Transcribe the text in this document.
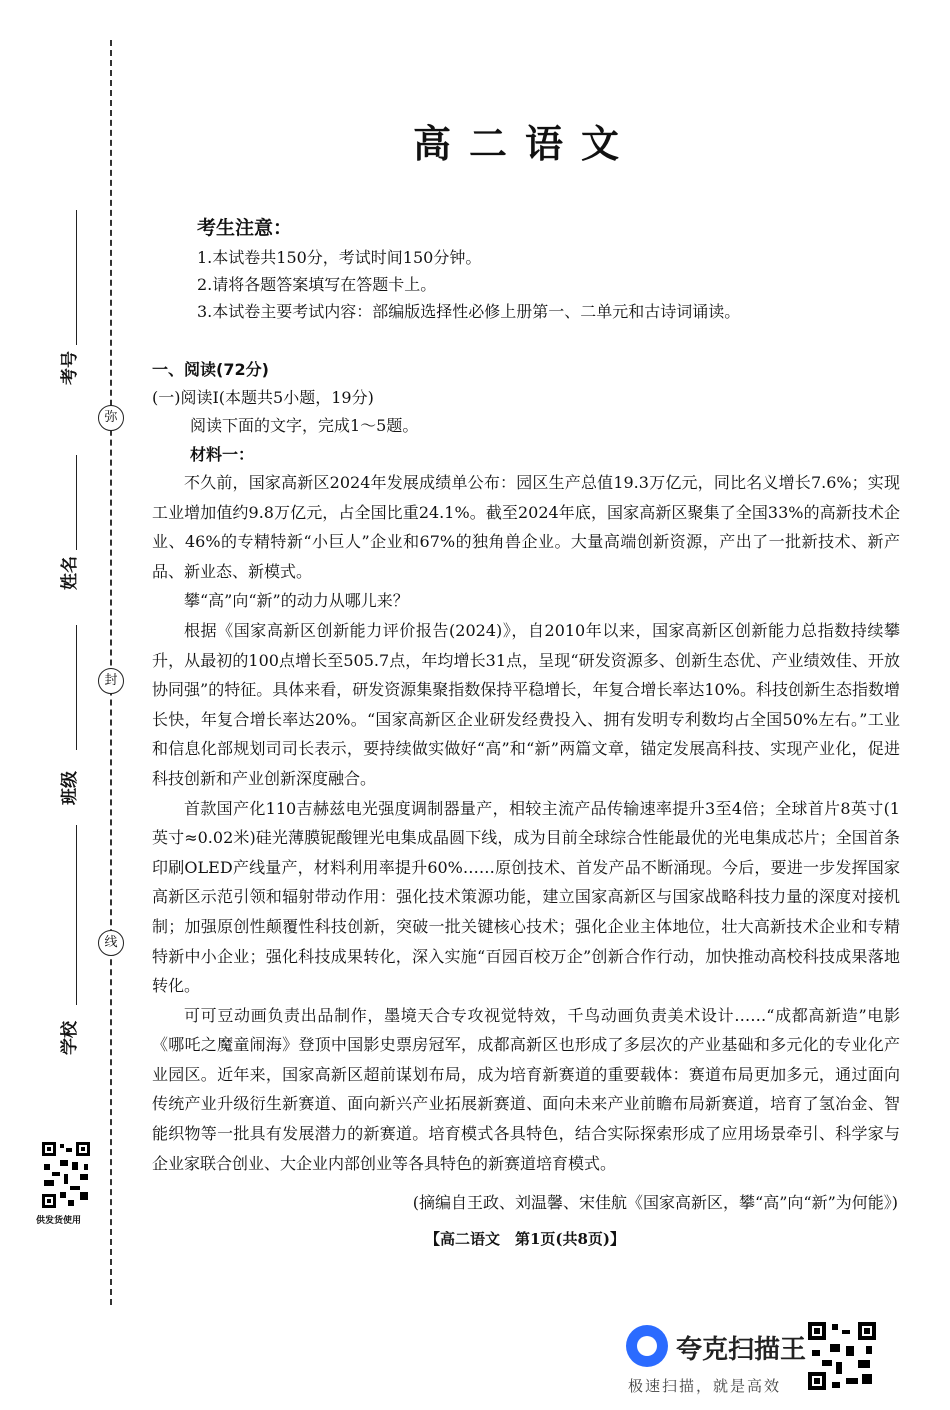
弥
封
线
考号
姓名
班级
学校
供发货使用
高二语文
考生注意：
1.本试卷共150分，考试时间150分钟。
2.请将各题答案填写在答题卡上。
3.本试卷主要考试内容：部编版选择性必修上册第一、二单元和古诗词诵读。
一、阅读(72分)
(一)阅读Ⅰ(本题共5小题，19分)
阅读下面的文字，完成1～5题。
材料一：

不久前，国家高新区2024年发展成绩单公布：园区生产总值19.3万亿元，同比名义增长7.6%；实现工业增加值约9.8万亿元，占全国比重24.1%。截至2024年底，国家高新区聚集了全国33%的高新技术企业、46%的专精特新“小巨人”企业和67%的独角兽企业。大量高端创新资源，产出了一批新技术、新产品、新业态、新模式。

攀“高”向“新”的动力从哪儿来？

根据《国家高新区创新能力评价报告(2024)》，自2010年以来，国家高新区创新能力总指数持续攀升，从最初的100点增长至505.7点，年均增长31点，呈现“研发资源多、创新生态优、产业绩效佳、开放协同强”的特征。具体来看，研发资源集聚指数保持平稳增长，年复合增长率达10%。科技创新生态指数增长快，年复合增长率达20%。“国家高新区企业研发经费投入、拥有发明专利数均占全国50%左右。”工业和信息化部规划司司长表示，要持续做实做好“高”和“新”两篇文章，锚定发展高科技、实现产业化，促进科技创新和产业创新深度融合。

首款国产化110吉赫兹电光强度调制器量产，相较主流产品传输速率提升3至4倍；全球首片8英寸(1英寸≈0.02米)硅光薄膜铌酸锂光电集成晶圆下线，成为目前全球综合性能最优的光电集成芯片；全国首条印刷OLED产线量产，材料利用率提升60%……原创技术、首发产品不断涌现。今后，要进一步发挥国家高新区示范引领和辐射带动作用：强化技术策源功能，建立国家高新区与国家战略科技力量的深度对接机制；加强原创性颠覆性科技创新，突破一批关键核心技术；强化企业主体地位，壮大高新技术企业和专精特新中小企业；强化科技成果转化，深入实施“百园百校万企”创新合作行动，加快推动高校科技成果落地转化。

可可豆动画负责出品制作，墨境天合专攻视觉特效，千鸟动画负责美术设计……“成都高新造”电影《哪吒之魔童闹海》登顶中国影史票房冠军，成都高新区也形成了多层次的产业基础和多元化的专业化产业园区。近年来，国家高新区超前谋划布局，成为培育新赛道的重要载体：赛道布局更加多元，通过面向传统产业升级衍生新赛道、面向新兴产业拓展新赛道、面向未来产业前瞻布局新赛道，培育了氢冶金、智能织物等一批具有发展潜力的新赛道。培育模式各具特色，结合实际探索形成了应用场景牵引、科学家与企业家联合创业、大企业内部创业等各具特色的新赛道培育模式。

(摘编自王政、刘温馨、宋佳航《国家高新区，攀“高”向“新”为何能》)
【高二语文　第1页(共8页)】
夸克扫描王
极速扫描，就是高效
